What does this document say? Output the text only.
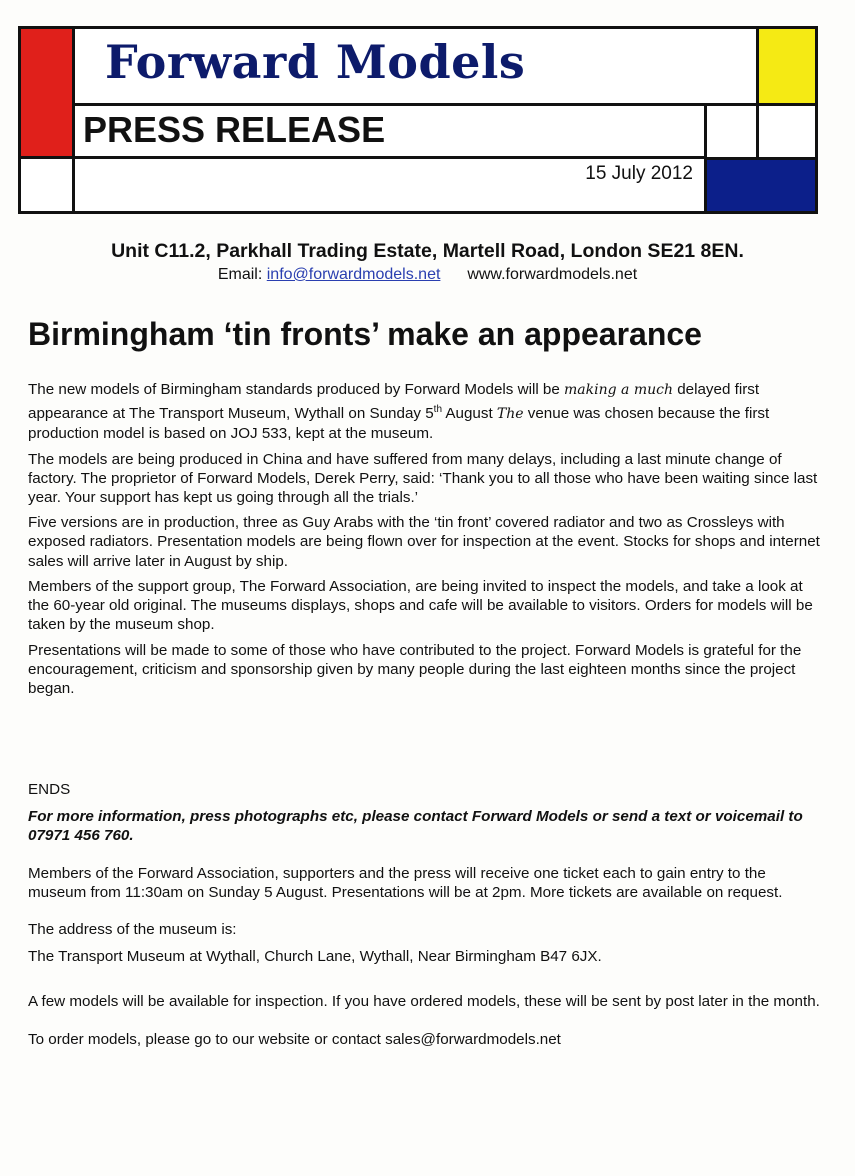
Forward Models
PRESS RELEASE
15 July 2012
Unit C11.2, Parkhall Trading Estate, Martell Road, London SE21 8EN.
Email: info@forwardmodels.net www.forwardmodels.net
Birmingham ‘tin fronts’ make an appearance

The new models of Birmingham standards produced by Forward Models will be making a much delayed first appearance at The Transport Museum, Wythall on Sunday 5th August The venue was chosen because the first production model is based on JOJ 533, kept at the museum.

The models are being produced in China and have suffered from many delays, including a last minute change of factory. The proprietor of Forward Models, Derek Perry, said: ‘Thank you to all those who have been waiting since last year. Your support has kept us going through all the trials.’

Five versions are in production, three as Guy Arabs with the ‘tin front’ covered radiator and two as Crossleys with exposed radiators. Presentation models are being flown over for inspection at the event. Stocks for shops and internet sales will arrive later in August by ship.

Members of the support group, The Forward Association, are being invited to inspect the models, and take a look at the 60-year old original. The museums displays, shops and cafe will be available to visitors. Orders for models will be taken by the museum shop.

Presentations will be made to some of those who have contributed to the project. Forward Models is grateful for the encouragement, criticism and sponsorship given by many people during the last eighteen months since the project began.

ENDS

For more information, press photographs etc, please contact Forward Models or send a text or voicemail to 07971 456 760.

Members of the Forward Association, supporters and the press will receive one ticket each to gain entry to the museum from 11:30am on Sunday 5 August. Presentations will be at 2pm. More tickets are available on request.

The address of the museum is:

The Transport Museum at Wythall, Church Lane, Wythall, Near Birmingham B47 6JX.

A few models will be available for inspection. If you have ordered models, these will be sent by post later in the month.

To order models, please go to our website or contact sales@forwardmodels.net
